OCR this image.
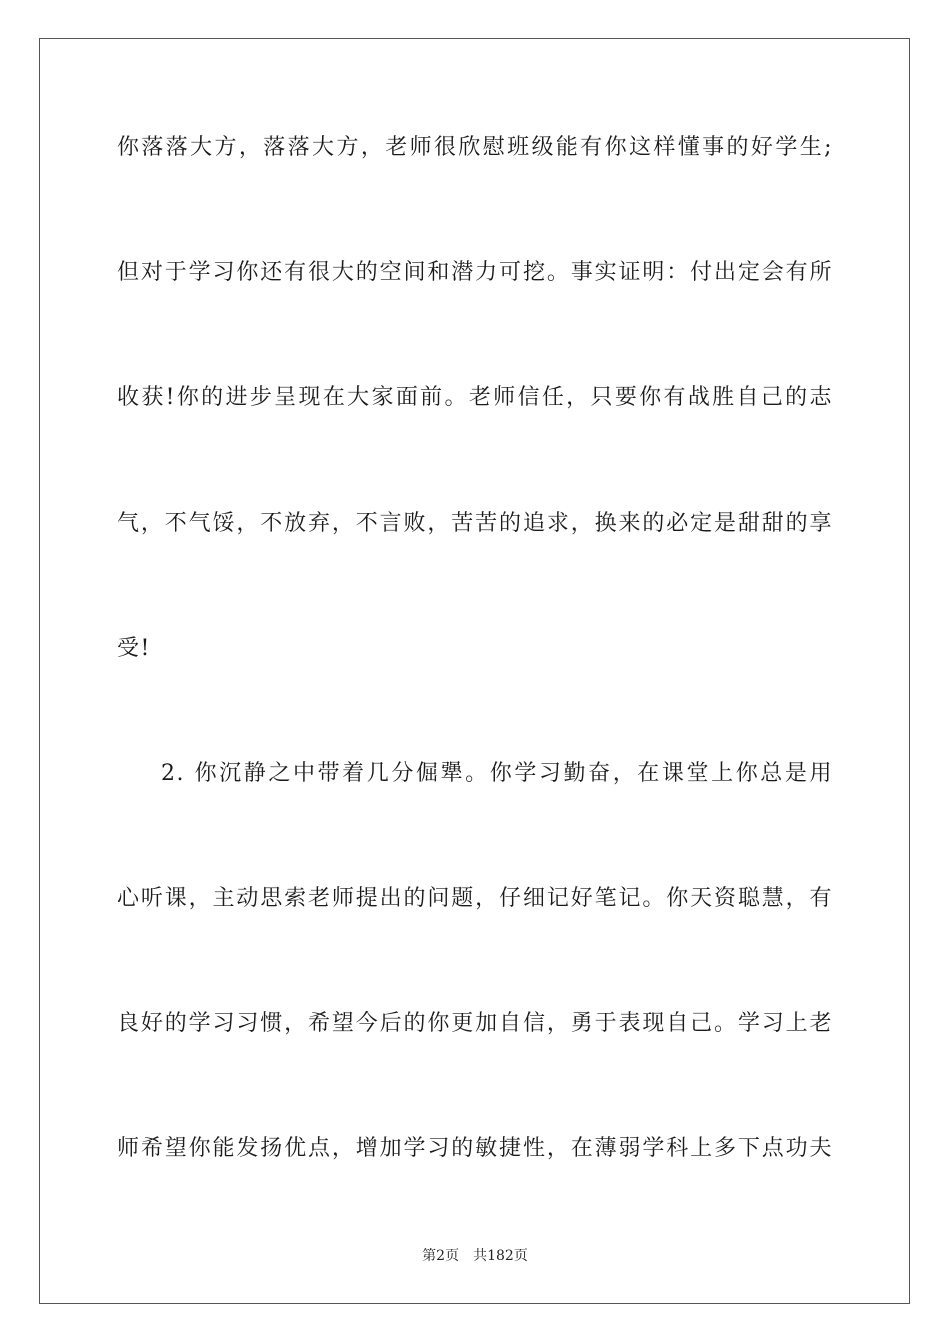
你落落大方，落落大方，老师很欣慰班级能有你这样懂事的好学生;
但对于学习你还有很大的空间和潜力可挖。事实证明：付出定会有所
收获!你的进步呈现在大家面前。老师信任，只要你有战胜自己的志
气，不气馁，不放弃，不言败，苦苦的追求，换来的必定是甜甜的享
受!
2. 你沉静之中带着几分倔犟。你学习勤奋，在课堂上你总是用
心听课，主动思索老师提出的问题，仔细记好笔记。你天资聪慧，有
良好的学习习惯，希望今后的你更加自信，勇于表现自己。学习上老
师希望你能发扬优点，增加学习的敏捷性，在薄弱学科上多下点功夫
第2页 共182页
